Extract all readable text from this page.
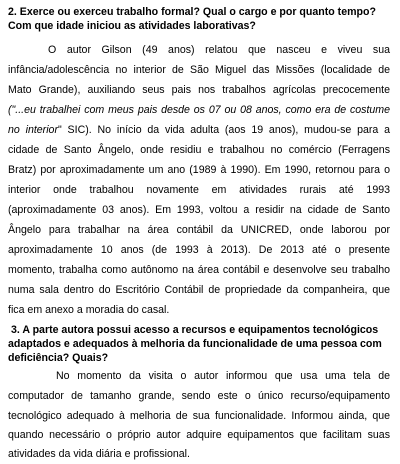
2. Exerce ou exerceu trabalho formal? Qual o cargo e por quanto tempo?
Com que idade iniciou as atividades laborativas?
O autor Gilson (49 anos) relatou que nasceu e viveu sua
infância/adolescência no interior de São Miguel das Missões (localidade de
Mato Grande), auxiliando seus pais nos trabalhos agrícolas precocemente
("...eu trabalhei com meus pais desde os 07 ou 08 anos, como era de costume
no interior" SIC). No início da vida adulta (aos 19 anos), mudou-se para a
cidade de Santo Ângelo, onde residiu e trabalhou no comércio (Ferragens
Bratz) por aproximadamente um ano (1989 à 1990). Em 1990, retornou para o
interior onde trabalhou novamente em atividades rurais até 1993
(aproximadamente 03 anos). Em 1993, voltou a residir na cidade de Santo
Ângelo para trabalhar na área contábil da UNICRED, onde laborou por
aproximadamente 10 anos (de 1993 à 2013). De 2013 até o presente
momento, trabalha como autônomo na área contábil e desenvolve seu trabalho
numa sala dentro do Escritório Contábil de propriedade da companheira, que
fica em anexo a moradia do casal.
3. A parte autora possui acesso a recursos e equipamentos tecnológicos
adaptados e adequados à melhoria da funcionalidade de uma pessoa com
deficiência? Quais?
No momento da visita o autor informou que usa uma tela de
computador de tamanho grande, sendo este o único recurso/equipamento
tecnológico adequado à melhoria de sua funcionalidade. Informou ainda, que
quando necessário o próprio autor adquire equipamentos que facilitam suas
atividades da vida diária e profissional.
